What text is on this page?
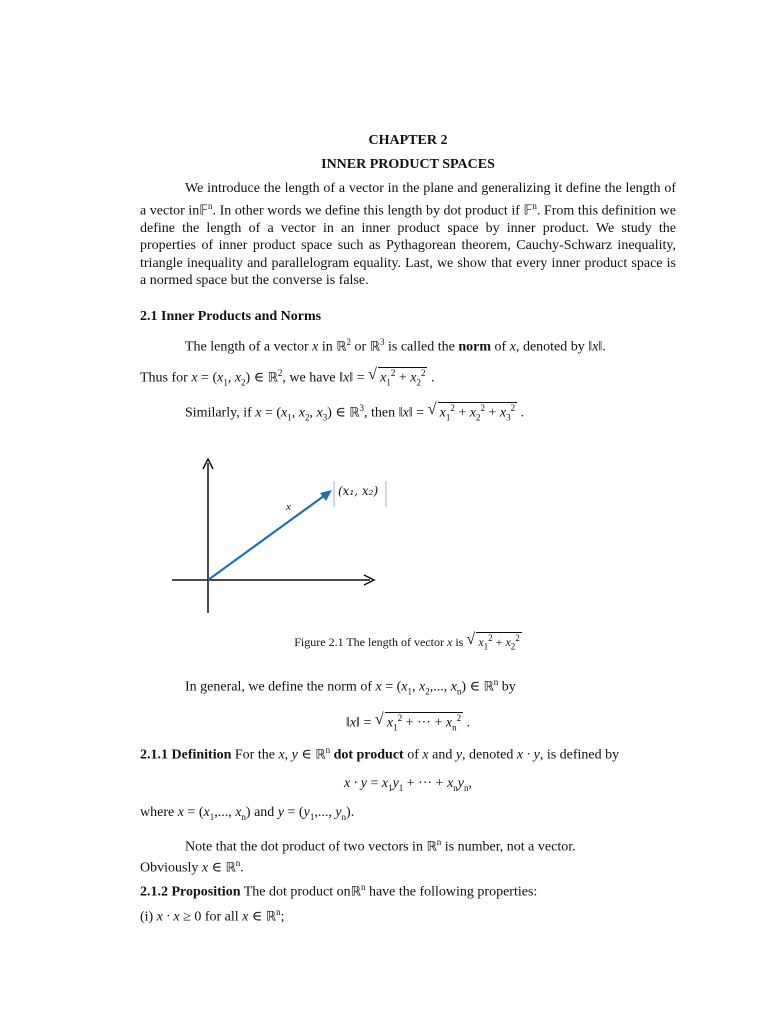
CHAPTER 2
INNER PRODUCT SPACES
We introduce the length of a vector in the plane and generalizing it define the length of a vector in𝔽$^n$. In other words we define this length by dot product if 𝔽$^n$. From this definition we define the length of a vector in an inner product space by inner product. We study the properties of inner product space such as Pythagorean theorem, Cauchy-Schwarz inequality, triangle inequality and parallelogram equality. Last, we show that every inner product space is a normed space but the converse is false.
2.1 Inner Products and Norms
The length of a vector x in ℝ$^2$ or ℝ$^3$ is called the norm of x, denoted by ‖x‖.
Thus for $x = (x_1$, $x_2$) ∈ ℝ$^2$, we have ‖x‖ = √ $x_1^2 + x_2^2$ .
Similarly, if $x = (x_1$, $x_2$, $x_3$) ∈ ℝ$^3$, then ‖x‖ = √ $x_1^2 + x_2^2 + x_3^2$ .
x
(x₁, x₂)
Figure 2.1 The length of vector x is √ $x_1^2 + x_2^2$
In general, we define the norm of $x = (x_1$, $x_2$,..., $x_n$) ∈ ℝ$^n$ by
‖x‖ = √ $x_1^2$ + ··· + $x_n^2$ .
2.1.1 Definition For the x, y ∈ ℝ$^n$ dot product of x and y, denoted x · y, is defined by
$x \cdot y = x_1y_1$ + ··· + $x_ny_n$,
where $x = (x_1$,..., $x_n$) and $y = (y_1$,..., $y_n$).
Note that the dot product of two vectors in ℝ$^n$ is number, not a vector.
Obviously x ∈ ℝ$^n$.
2.1.2 Proposition The dot product onℝ$^n$ have the following properties:
(i) x · x ≥ 0 for all x ∈ ℝ$^n$;
